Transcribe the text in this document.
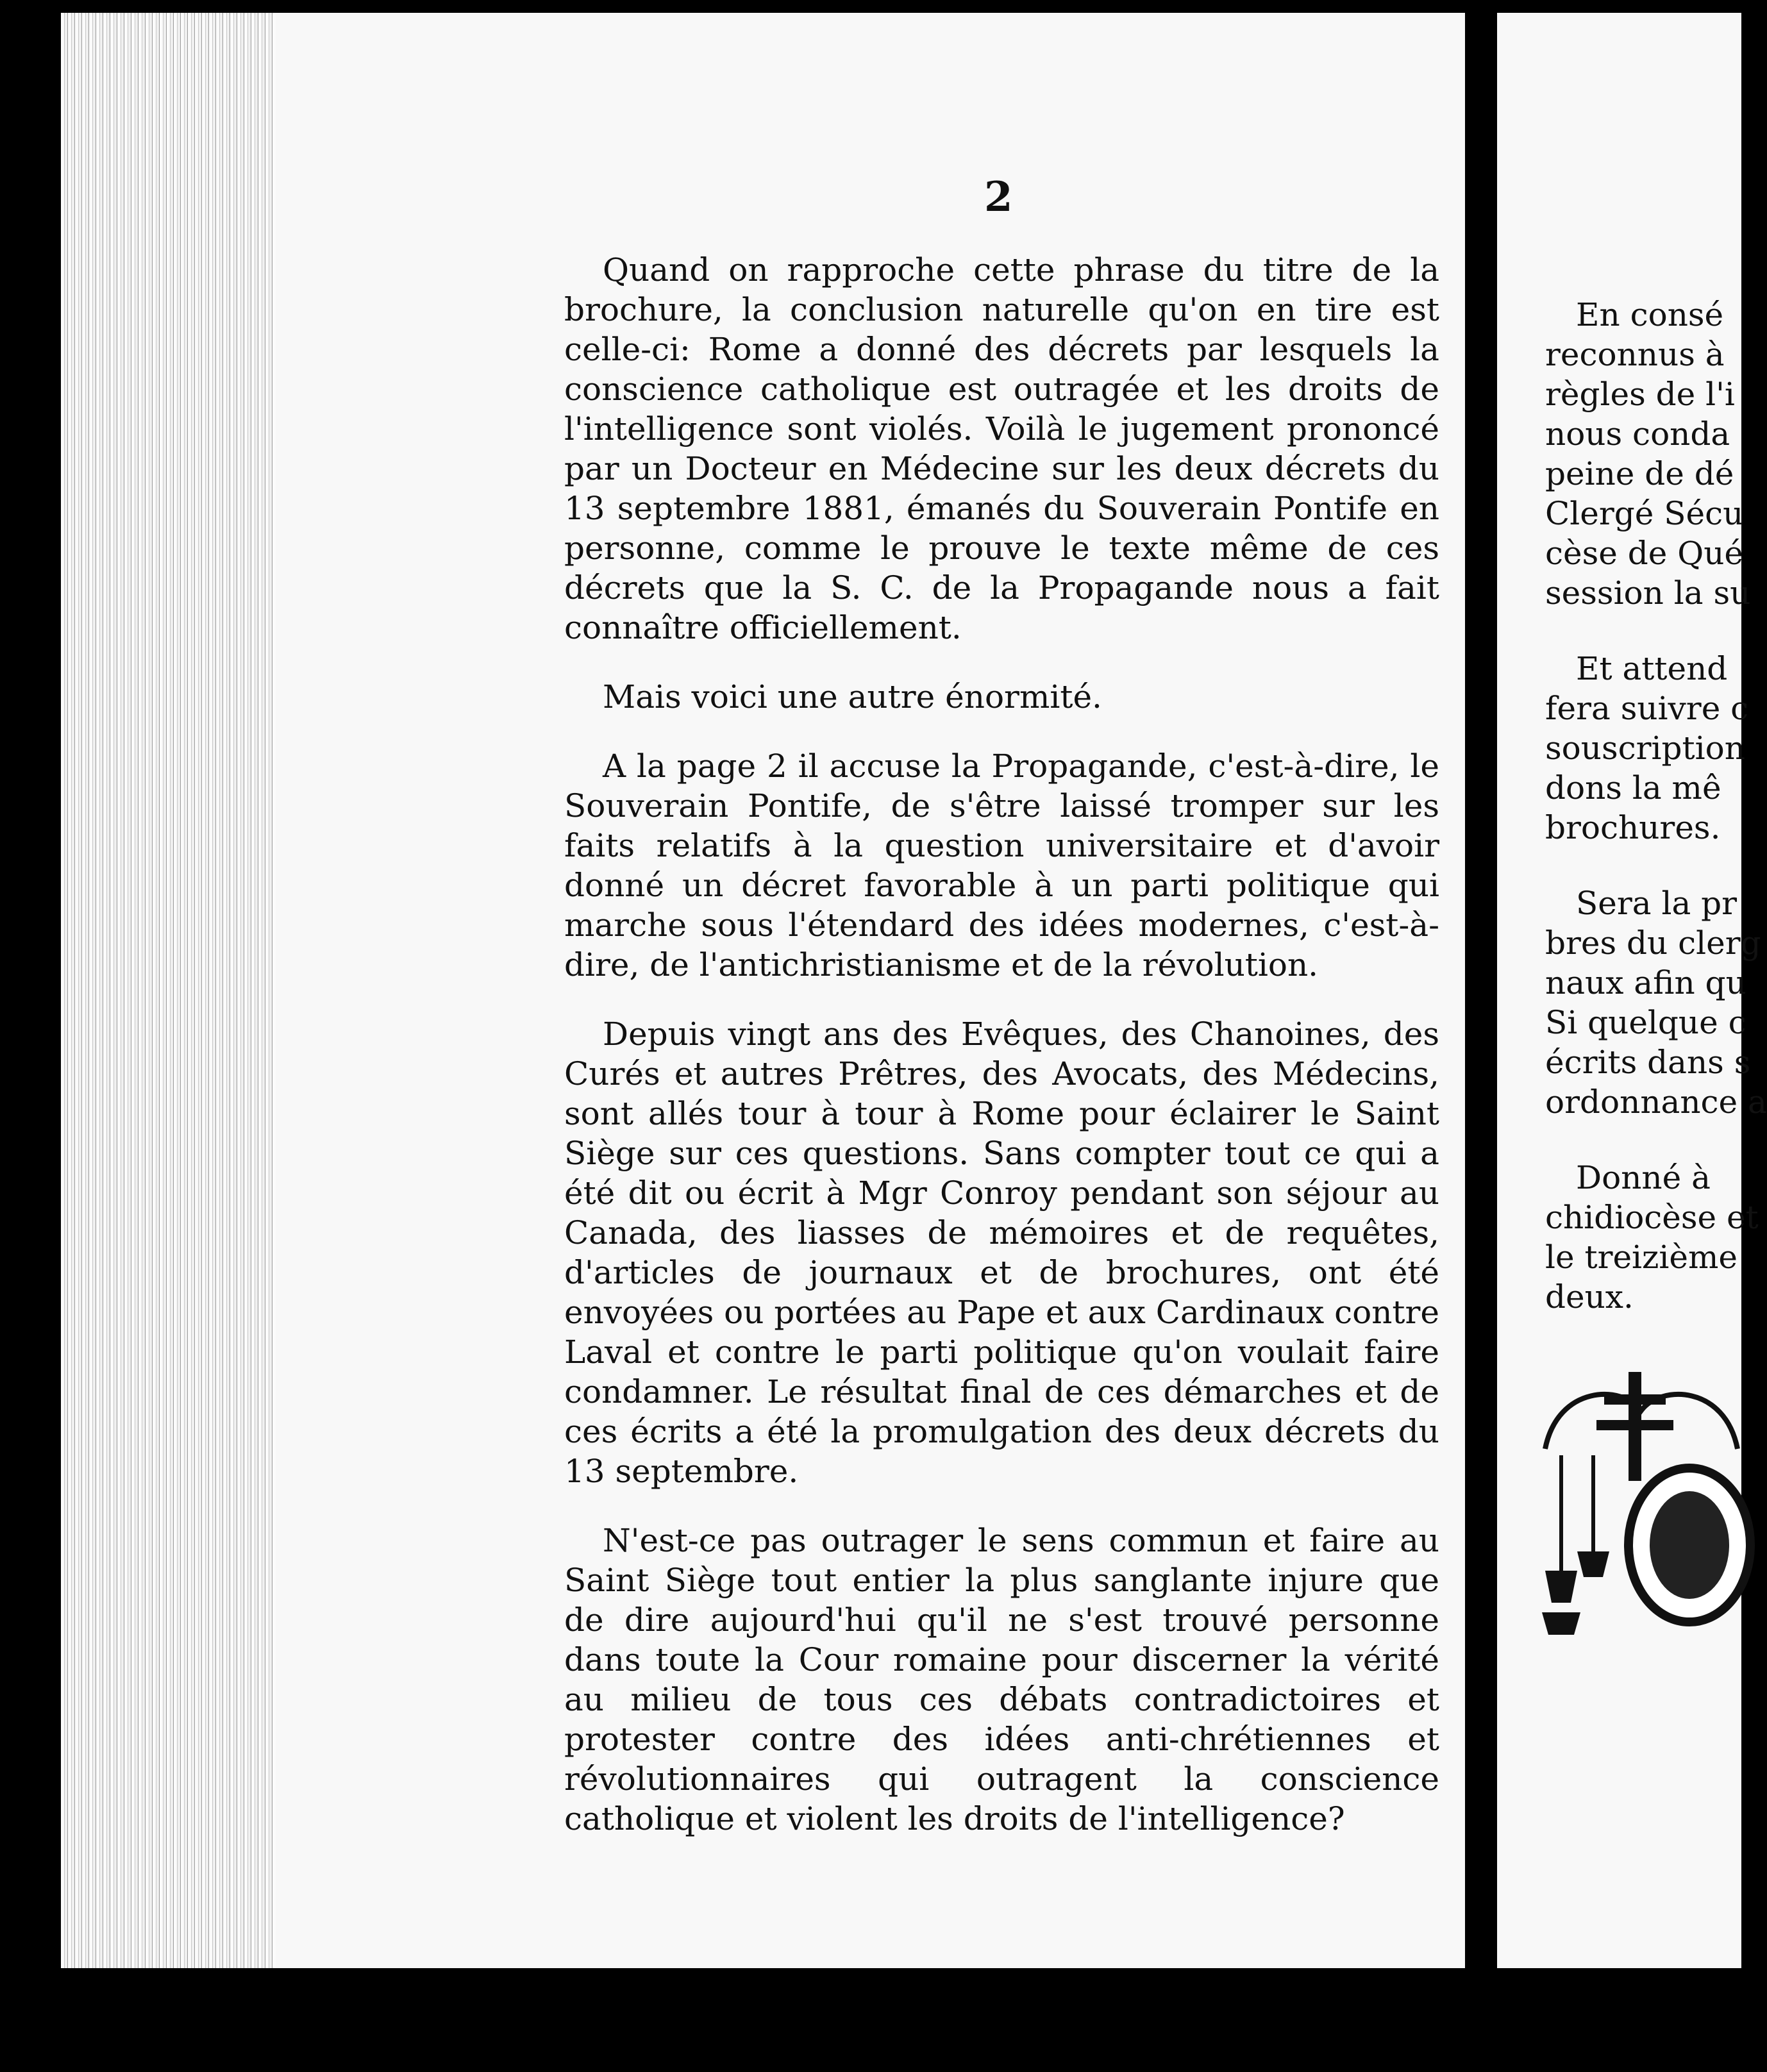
2

Quand on rapproche cette phrase du titre de la brochure, la conclusion naturelle qu'on en tire est celle-ci: Rome a donné des décrets par lesquels la conscience catholique est outragée et les droits de l'intelligence sont violés. Voilà le jugement prononcé par un Docteur en Médecine sur les deux décrets du 13 septembre 1881, émanés du Souverain Pontife en personne, comme le prouve le texte même de ces décrets que la S. C. de la Propagande nous a fait connaître officiellement.

Mais voici une autre énormité.

A la page 2 il accuse la Propagande, c'est-à-dire, le Souverain Pontife, de s'être laissé tromper sur les faits relatifs à la question universitaire et d'avoir donné un décret favorable à un parti politique qui marche sous l'étendard des idées modernes, c'est-à-dire, de l'antichristianisme et de la révolution.

Depuis vingt ans des Evêques, des Chanoines, des Curés et autres Prêtres, des Avocats, des Médecins, sont allés tour à tour à Rome pour éclairer le Saint Siège sur ces questions. Sans compter tout ce qui a été dit ou écrit à Mgr Conroy pendant son séjour au Canada, des liasses de mémoires et de requêtes, d'articles de journaux et de brochures, ont été envoyées ou portées au Pape et aux Cardinaux contre Laval et contre le parti politique qu'on voulait faire condamner. Le résultat final de ces démarches et de ces écrits a été la promulgation des deux décrets du 13 septembre.

N'est-ce pas outrager le sens commun et faire au Saint Siège tout entier la plus sanglante injure que de dire aujourd'hui qu'il ne s'est trouvé personne dans toute la Cour romaine pour discerner la vérité au milieu de tous ces débats contradictoires et protester contre des idées anti-chrétiennes et révolutionnaires qui outragent la conscience catholique et violent les droits de l'intelligence?

En consé
reconnus à
règles de l'i
nous conda
peine de dé
Clergé Sécu
cèse de Qué
session la su

Et attend
fera suivre c
souscription
dons la mê
brochures.

Sera la pr
bres du clerg
naux afin qu
Si quelque c
écrits dans s
ordonnance a

Donné à
chidiocèse et
le treizième
deux.
